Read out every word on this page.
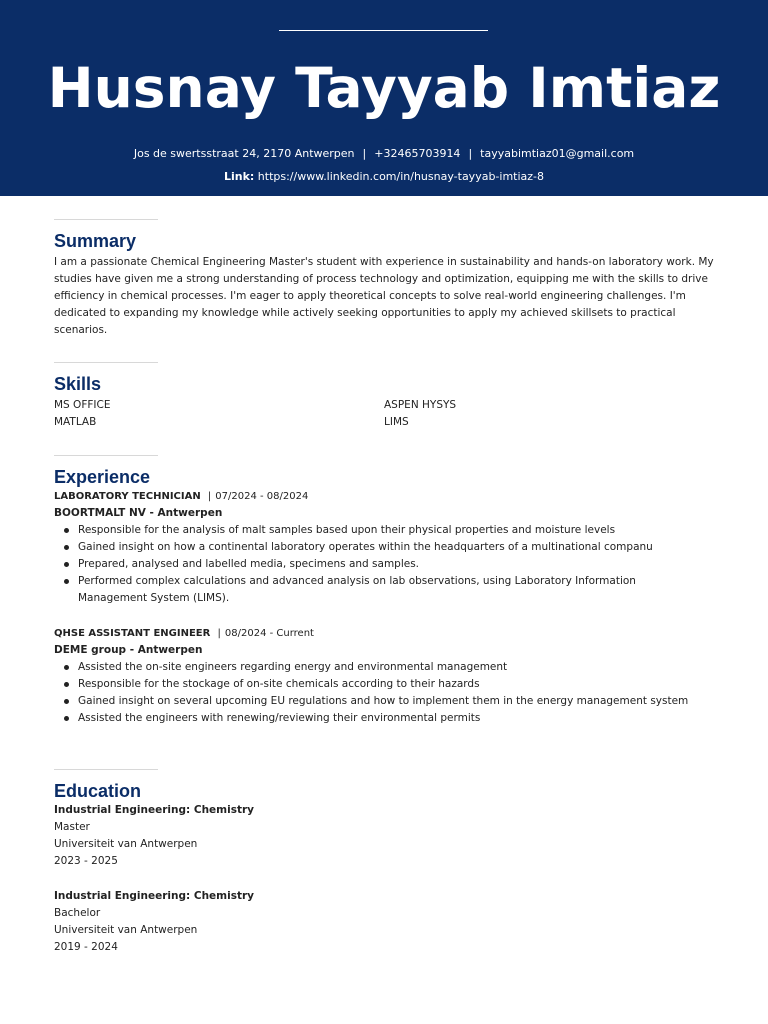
Husnay Tayyab Imtiaz
Jos de swertsstraat 24, 2170 Antwerpen | +32465703914 | tayyabimtiaz01@gmail.com
Link: https://www.linkedin.com/in/husnay-tayyab-imtiaz-8
Summary
I am a passionate Chemical Engineering Master's student with experience in sustainability and hands-on laboratory work. My studies have given me a strong understanding of process technology and optimization, equipping me with the skills to drive efficiency in chemical processes. I'm eager to apply theoretical concepts to solve real-world engineering challenges. I'm dedicated to expanding my knowledge while actively seeking opportunities to apply my achieved skillsets to practical scenarios.
Skills
MS OFFICE	ASPEN HYSYS
MATLAB	LIMS
Experience
LABORATORY TECHNICIAN | 07/2024 - 08/2024
BOORTMALT NV - Antwerpen
Responsible for the analysis of malt samples based upon their physical properties and moisture levels
Gained insight on how a continental laboratory operates within the headquarters of a multinational companu
Prepared, analysed and labelled media, specimens and samples.
Performed complex calculations and advanced analysis on lab observations, using Laboratory Information Management System (LIMS).
QHSE ASSISTANT ENGINEER | 08/2024 - Current
DEME group - Antwerpen
Assisted the on-site engineers regarding energy and environmental management
Responsible for the stockage of on-site chemicals according to their hazards
Gained insight on several upcoming EU regulations and how to implement them in the energy management system
Assisted the engineers with renewing/reviewing their environmental permits
Education
Industrial Engineering: Chemistry
Master
Universiteit van Antwerpen
2023 - 2025
Industrial Engineering: Chemistry
Bachelor
Universiteit van Antwerpen
2019 - 2024
